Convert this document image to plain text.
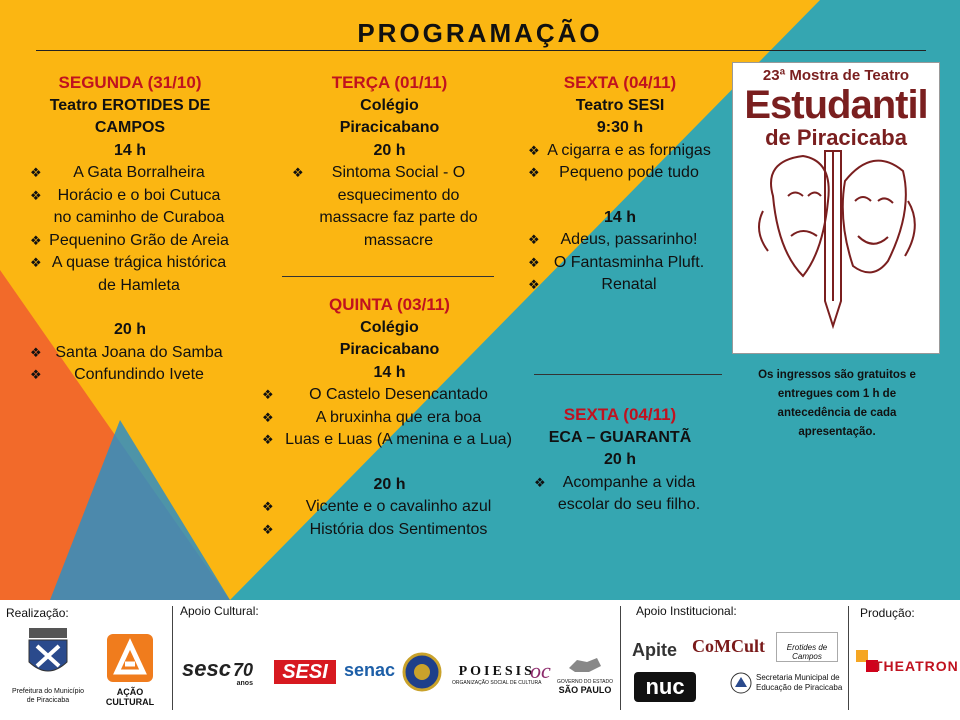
PROGRAMAÇÃO
SEGUNDA (31/10)
Teatro EROTIDES DE CAMPOS
14 h
❖ A Gata Borralheira
❖ Horácio e o boi Cutuca no caminho de Curaboa
❖ Pequenino Grão de Areia
❖ A quase trágica histórica de Hamleta
20 h
❖ Santa Joana do Samba
❖ Confundindo Ivete
TERÇA (01/11)
Colégio Piracicabano
20 h
❖ Sintoma Social - O esquecimento do massacre faz parte do massacre
QUINTA (03/11)
Colégio Piracicabano
14 h
❖ O Castelo Desencantado
❖	A bruxinha que era boa
❖ Luas e Luas (A menina e a Lua)
20 h
❖ Vicente e o cavalinho azul
❖ História dos Sentimentos
SEXTA (04/11)
Teatro SESI
9:30 h
❖ A cigarra e as formigas
❖ Pequeno pode tudo
14 h
❖ Adeus, passarinho!
❖ O Fantasminha Pluft.
❖	Renatal
SEXTA (04/11)
ECA – GUARANTÃ
20 h
❖ Acompanhe a vida escolar do seu filho.
23ª Mostra de Teatro
Estudantil
de Piracicaba
Os ingressos são gratuitos e entregues com 1 h de antecedência de cada apresentação.
Realização:	Apoio Cultural:	Apoio Institucional:	Produção:
Prefeitura do Município de Piracicaba
AÇÃO CULTURAL
sesc 70
anos
SESI senac	POIESIS
ORGANIZAÇÃO SOCIAL DE CULTURA
oc GOVERNO DO ESTADO
SÃO PAULO
Apite CoMCult	Erotides de Campos
nuc	Secretaria Municipal de Educação de Piracicaba
THEATRON
